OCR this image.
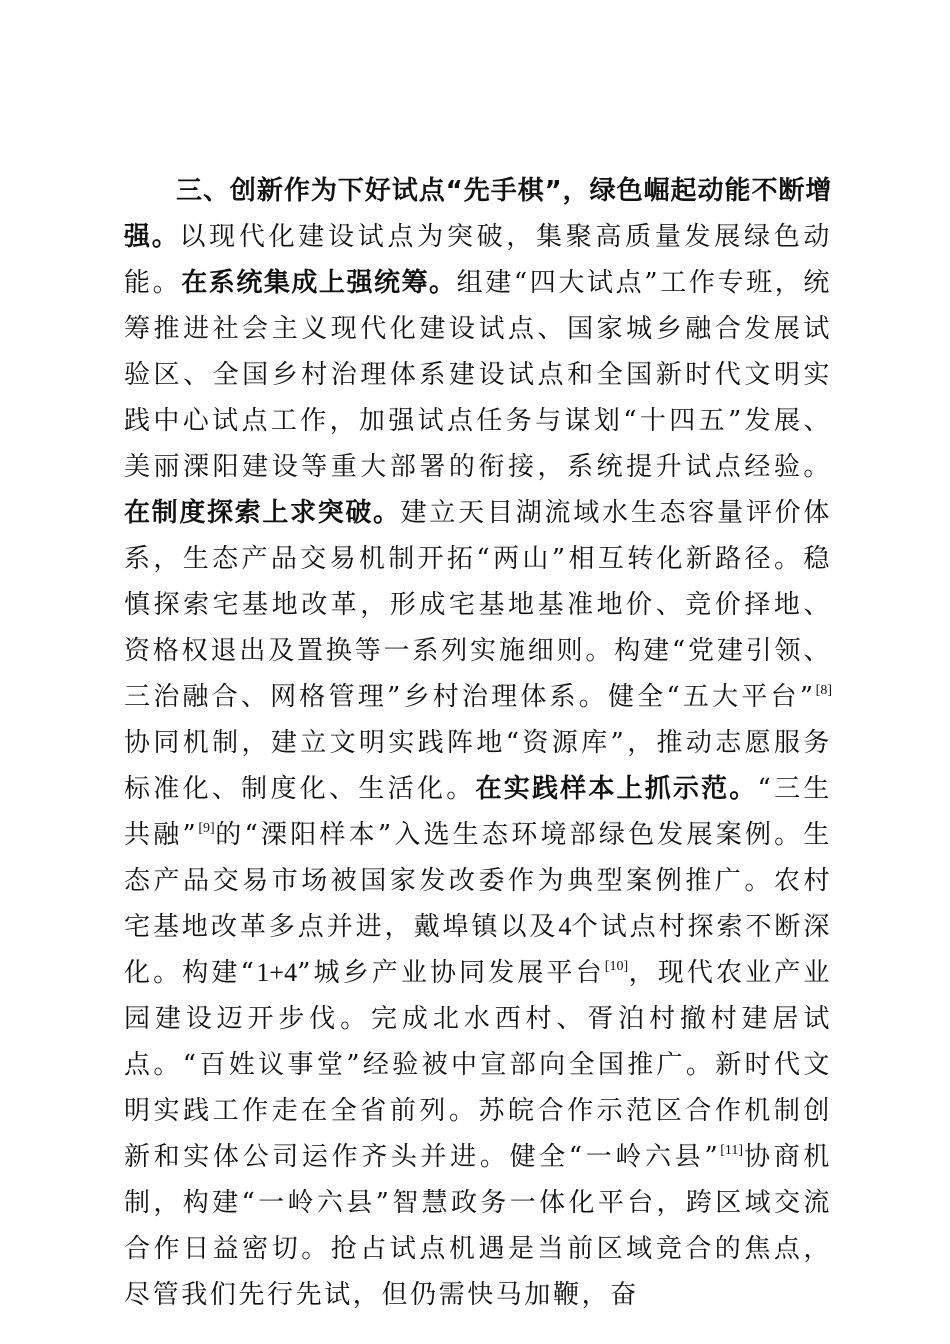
三、创新作为下好试点“先手棋”，绿色崛起动能不断增强。以现代化建设试点为突破，集聚高质量发展绿色动能。在系统集成上强统筹。组建“四大试点”工作专班，统筹推进社会主义现代化建设试点、国家城乡融合发展试验区、全国乡村治理体系建设试点和全国新时代文明实践中心试点工作，加强试点任务与谋划“十四五”发展、美丽溧阳建设等重大部署的衔接，系统提升试点经验。在制度探索上求突破。建立天目湖流域水生态容量评价体系，生态产品交易机制开拓“两山”相互转化新路径。稳慎探索宅基地改革，形成宅基地基准地价、竞价择地、资格权退出及置换等一系列实施细则。构建“党建引领、三治融合、网格管理”乡村治理体系。健全“五大平台”[8]协同机制，建立文明实践阵地“资源库”，推动志愿服务标准化、制度化、生活化。在实践样本上抓示范。“三生共融”[9]的“溧阳样本”入选生态环境部绿色发展案例。生态产品交易市场被国家发改委作为典型案例推广。农村宅基地改革多点并进，戴埠镇以及4个试点村探索不断深化。构建“1+4”城乡产业协同发展平台[10]，现代农业产业园建设迈开步伐。完成北水西村、胥泊村撤村建居试点。“百姓议事堂”经验被中宣部向全国推广。新时代文明实践工作走在全省前列。苏皖合作示范区合作机制创新和实体公司运作齐头并进。健全“一岭六县”[11]协商机制，构建“一岭六县”智慧政务一体化平台，跨区域交流合作日益密切。抢占试点机遇是当前区域竞合的焦点，尽管我们先行先试，但仍需快马加鞭，奋
